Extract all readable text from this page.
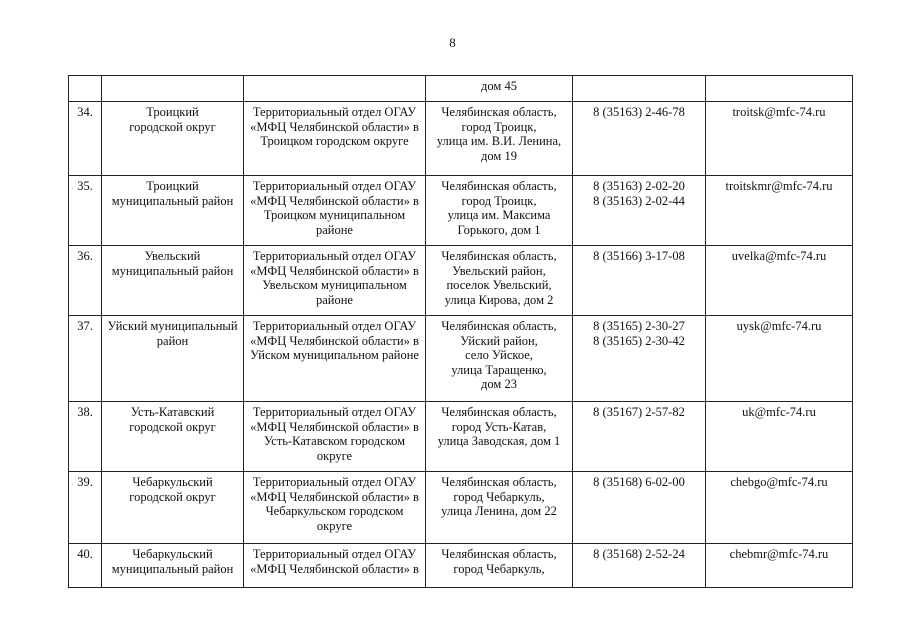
8
			дом 45		
34.	Троицкий
городской округ	Территориальный отдел ОГАУ
«МФЦ Челябинской области» в
Троицком городском округе	Челябинская область,
город Троицк,
улица им. В.И. Ленина,
дом 19	8 (35163) 2-46-78	troitsk@mfc-74.ru
35.	Троицкий
муниципальный район	Территориальный отдел ОГАУ
«МФЦ Челябинской области» в
Троицком муниципальном
районе	Челябинская область,
город Троицк,
улица им. Максима
Горького, дом 1	8 (35163) 2-02-20
8 (35163) 2-02-44	troitskmr@mfc-74.ru
36.	Увельский
муниципальный район	Территориальный отдел ОГАУ
«МФЦ Челябинской области» в
Увельском муниципальном
районе	Челябинская область,
Увельский район,
поселок Увельский,
улица Кирова, дом 2	8 (35166) 3-17-08	uvelka@mfc-74.ru
37.	Уйский муниципальный
район	Территориальный отдел ОГАУ
«МФЦ Челябинской области» в
Уйском муниципальном районе	Челябинская область,
Уйский район,
село Уйское,
улица Таращенко,
дом 23	8 (35165) 2-30-27
8 (35165) 2-30-42	uysk@mfc-74.ru
38.	Усть-Катавский
городской округ	Территориальный отдел ОГАУ
«МФЦ Челябинской области» в
Усть-Катавском городском
округе	Челябинская область,
город Усть-Катав,
улица Заводская, дом 1	8 (35167) 2-57-82	uk@mfc-74.ru
39.	Чебаркульский
городской округ	Территориальный отдел ОГАУ
«МФЦ Челябинской области» в
Чебаркульском городском
округе	Челябинская область,
город Чебаркуль,
улица Ленина, дом 22	8 (35168) 6-02-00	chebgo@mfc-74.ru
40.	Чебаркульский
муниципальный район	Территориальный отдел ОГАУ
«МФЦ Челябинской области» в	Челябинская область,
город Чебаркуль,	8 (35168) 2-52-24	chebmr@mfc-74.ru
